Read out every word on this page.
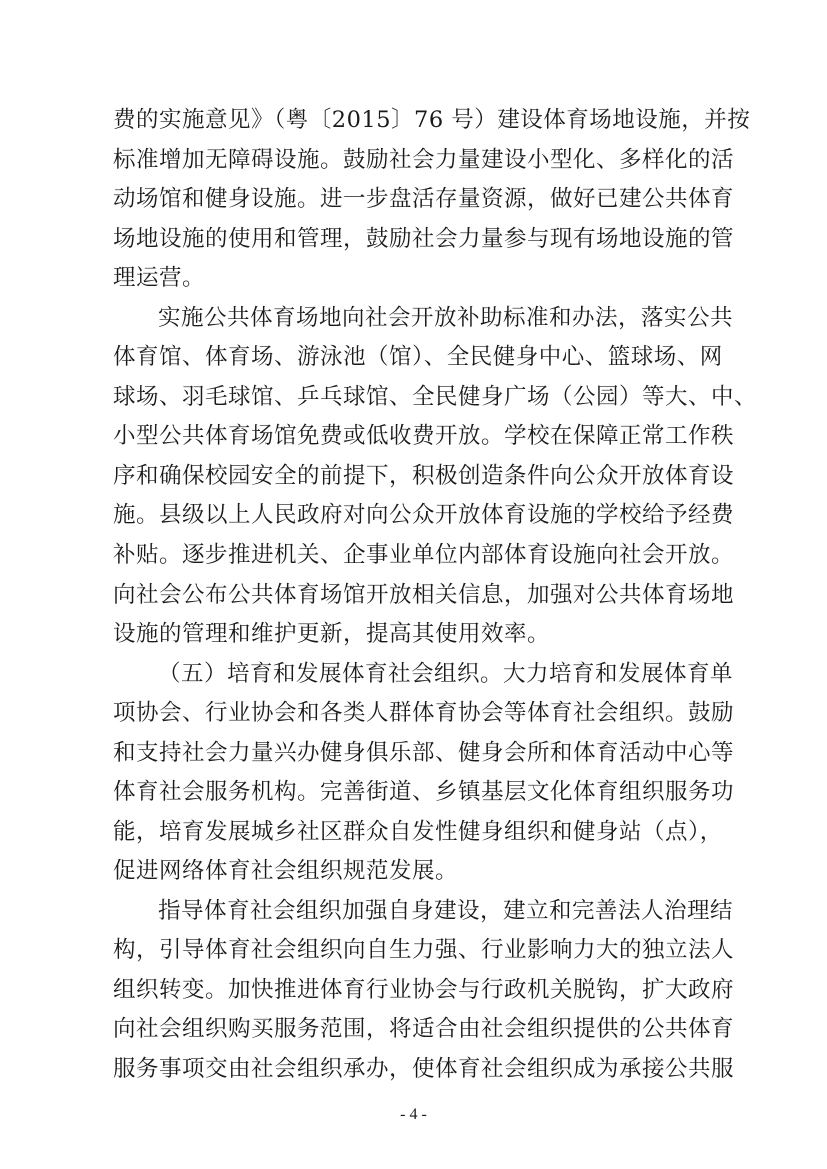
费的实施意见》（粤〔2015〕76 号）建设体育场地设施，并按
标准增加无障碍设施。鼓励社会力量建设小型化、多样化的活
动场馆和健身设施。进一步盘活存量资源，做好已建公共体育
场地设施的使用和管理，鼓励社会力量参与现有场地设施的管
理运营。
实施公共体育场地向社会开放补助标准和办法，落实公共
体育馆、体育场、游泳池（馆）、全民健身中心、篮球场、网
球场、羽毛球馆、乒乓球馆、全民健身广场（公园）等大、中、
小型公共体育场馆免费或低收费开放。学校在保障正常工作秩
序和确保校园安全的前提下，积极创造条件向公众开放体育设
施。县级以上人民政府对向公众开放体育设施的学校给予经费
补贴。逐步推进机关、企事业单位内部体育设施向社会开放。
向社会公布公共体育场馆开放相关信息，加强对公共体育场地
设施的管理和维护更新，提高其使用效率。
（五）培育和发展体育社会组织。大力培育和发展体育单
项协会、行业协会和各类人群体育协会等体育社会组织。鼓励
和支持社会力量兴办健身俱乐部、健身会所和体育活动中心等
体育社会服务机构。完善街道、乡镇基层文化体育组织服务功
能，培育发展城乡社区群众自发性健身组织和健身站（点），
促进网络体育社会组织规范发展。
指导体育社会组织加强自身建设，建立和完善法人治理结
构，引导体育社会组织向自生力强、行业影响力大的独立法人
组织转变。加快推进体育行业协会与行政机关脱钩，扩大政府
向社会组织购买服务范围，将适合由社会组织提供的公共体育
服务事项交由社会组织承办，使体育社会组织成为承接公共服
- 4 -
